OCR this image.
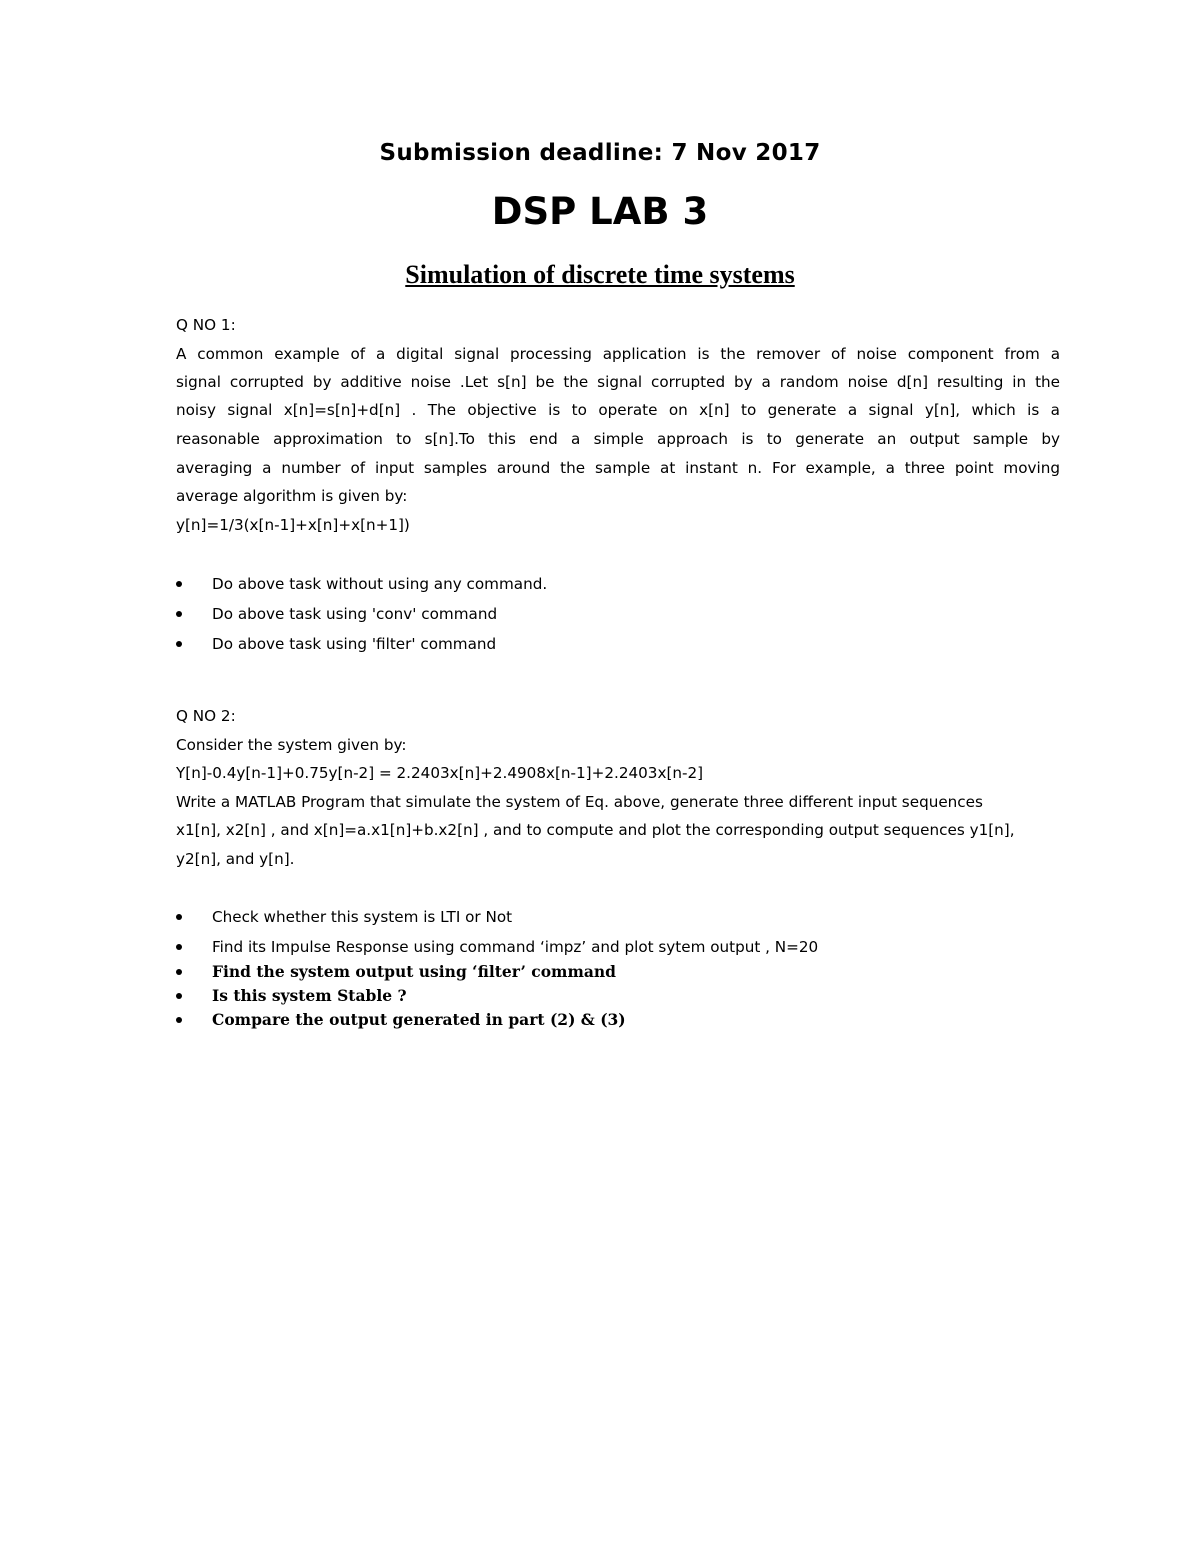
Submission deadline: 7 Nov 2017
DSP LAB 3
Simulation of discrete time systems
Q NO 1:
A common example of a digital signal processing application is the remover of noise component from a
signal corrupted by additive noise .Let s[n] be the signal corrupted by a random noise d[n] resulting in the
noisy signal x[n]=s[n]+d[n] . The objective is to operate on x[n] to generate a signal y[n], which is a
reasonable approximation to s[n].To this end a simple approach is to generate an output sample by
averaging a number of input samples around the sample at instant n. For example, a three point moving
average algorithm is given by:
y[n]=1/3(x[n-1]+x[n]+x[n+1])
Do above task without using any command.
Do above task using 'conv' command
Do above task using 'filter' command
Q NO 2:
Consider the system given by:
Y[n]-0.4y[n-1]+0.75y[n-2] = 2.2403x[n]+2.4908x[n-1]+2.2403x[n-2]
Write a MATLAB Program that simulate the system of Eq. above, generate three different input sequences
x1[n], x2[n] , and x[n]=a.x1[n]+b.x2[n] , and to compute and plot the corresponding output sequences y1[n],
y2[n], and y[n].
Check whether this system is LTI or Not
Find its Impulse Response using command ‘impz’ and plot sytem output , N=20
Find the system output using ‘filter’ command
Is this system Stable ?
Compare the output generated in part (2) & (3)
